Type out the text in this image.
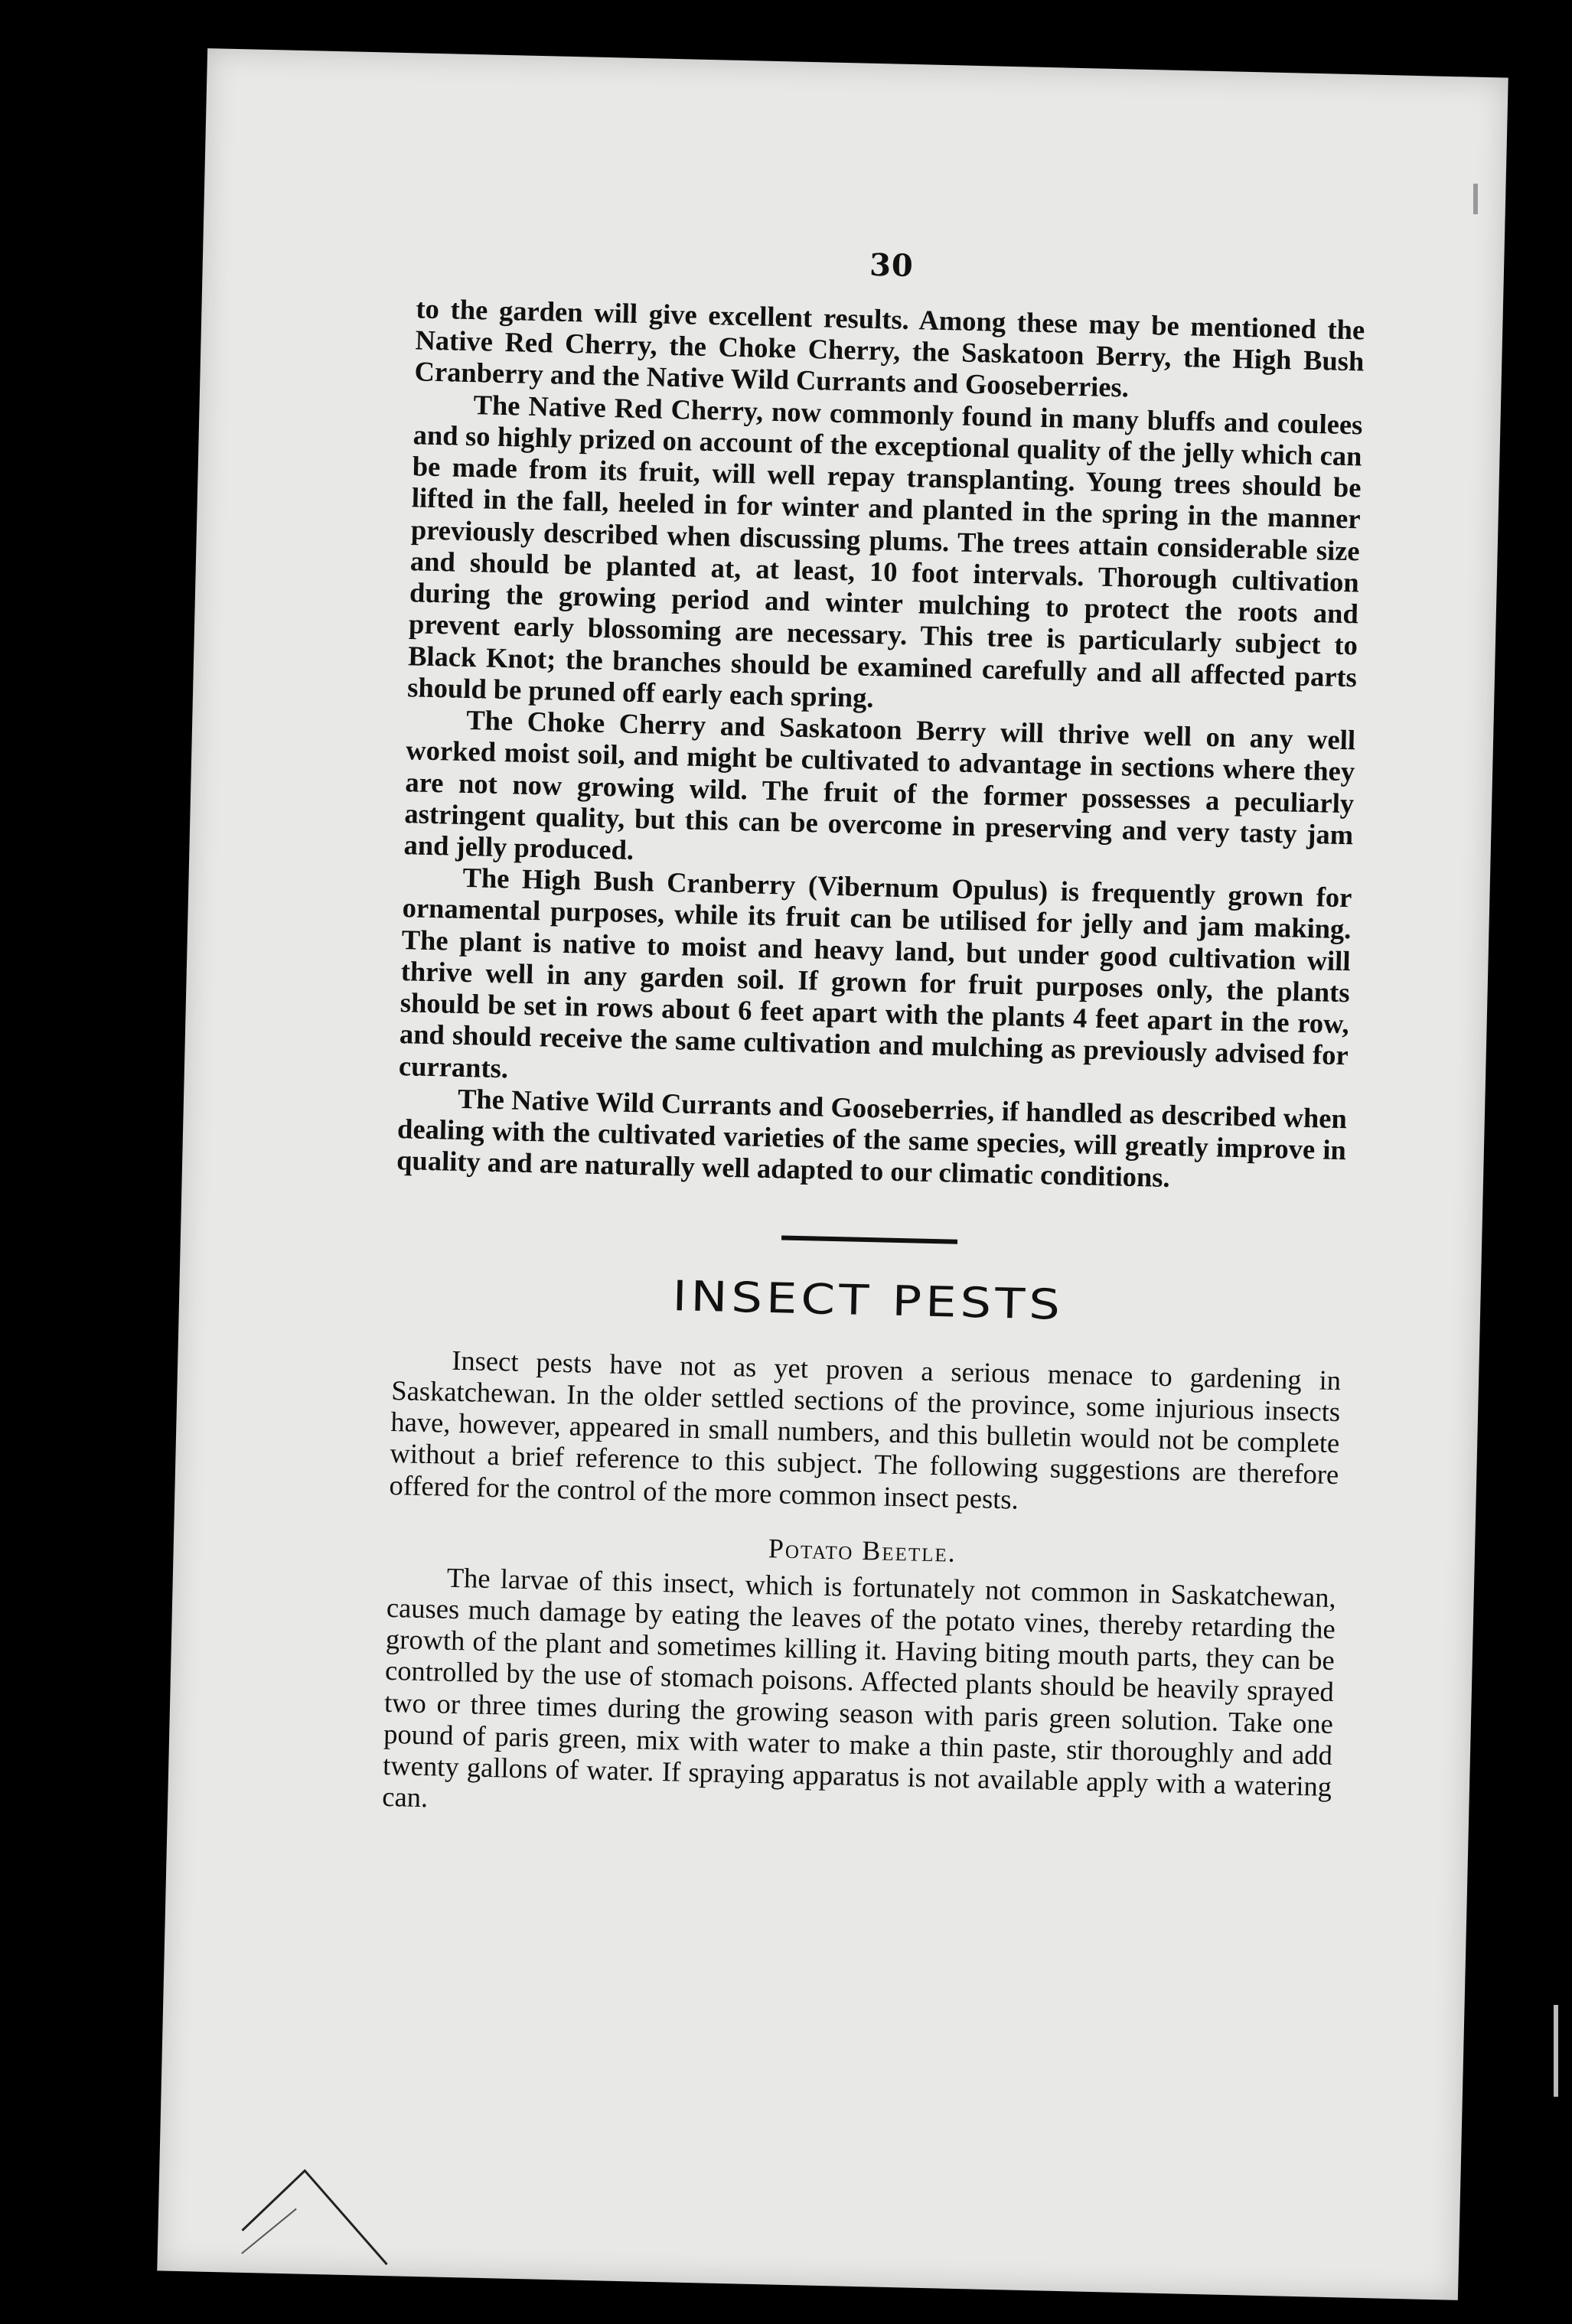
30

to the garden will give excellent results. Among these may be mentioned the Native Red Cherry, the Choke Cherry, the Saskatoon Berry, the High Bush Cranberry and the Native Wild Currants and Gooseberries.

The Native Red Cherry, now commonly found in many bluffs and coulees and so highly prized on account of the exceptional quality of the jelly which can be made from its fruit, will well repay transplanting. Young trees should be lifted in the fall, heeled in for winter and planted in the spring in the manner previously described when discussing plums. The trees attain considerable size and should be planted at, at least, 10 foot intervals. Thorough cultivation during the growing period and winter mulching to protect the roots and prevent early blossoming are necessary. This tree is particularly subject to Black Knot; the branches should be examined carefully and all affected parts should be pruned off early each spring.

The Choke Cherry and Saskatoon Berry will thrive well on any well worked moist soil, and might be cultivated to advantage in sections where they are not now growing wild. The fruit of the former possesses a peculiarly astringent quality, but this can be overcome in preserving and very tasty jam and jelly produced.

The High Bush Cranberry (Vibernum Opulus) is frequently grown for ornamental purposes, while its fruit can be utilised for jelly and jam making. The plant is native to moist and heavy land, but under good cultivation will thrive well in any garden soil. If grown for fruit purposes only, the plants should be set in rows about 6 feet apart with the plants 4 feet apart in the row, and should receive the same cultivation and mulching as previously advised for currants.

The Native Wild Currants and Gooseberries, if handled as described when dealing with the cultivated varieties of the same species, will greatly improve in quality and are naturally well adapted to our climatic conditions.

INSECT PESTS

Insect pests have not as yet proven a serious menace to gardening in Saskatchewan. In the older settled sections of the province, some injurious insects have, however, appeared in small numbers, and this bulletin would not be complete without a brief reference to this subject. The following suggestions are therefore offered for the control of the more common insect pests.

Potato Beetle.

The larvae of this insect, which is fortunately not common in Saskatchewan, causes much damage by eating the leaves of the potato vines, thereby retarding the growth of the plant and sometimes killing it. Having biting mouth parts, they can be controlled by the use of stomach poisons. Affected plants should be heavily sprayed two or three times during the growing season with paris green solution. Take one pound of paris green, mix with water to make a thin paste, stir thoroughly and add twenty gallons of water. If spraying apparatus is not available apply with a watering can.
